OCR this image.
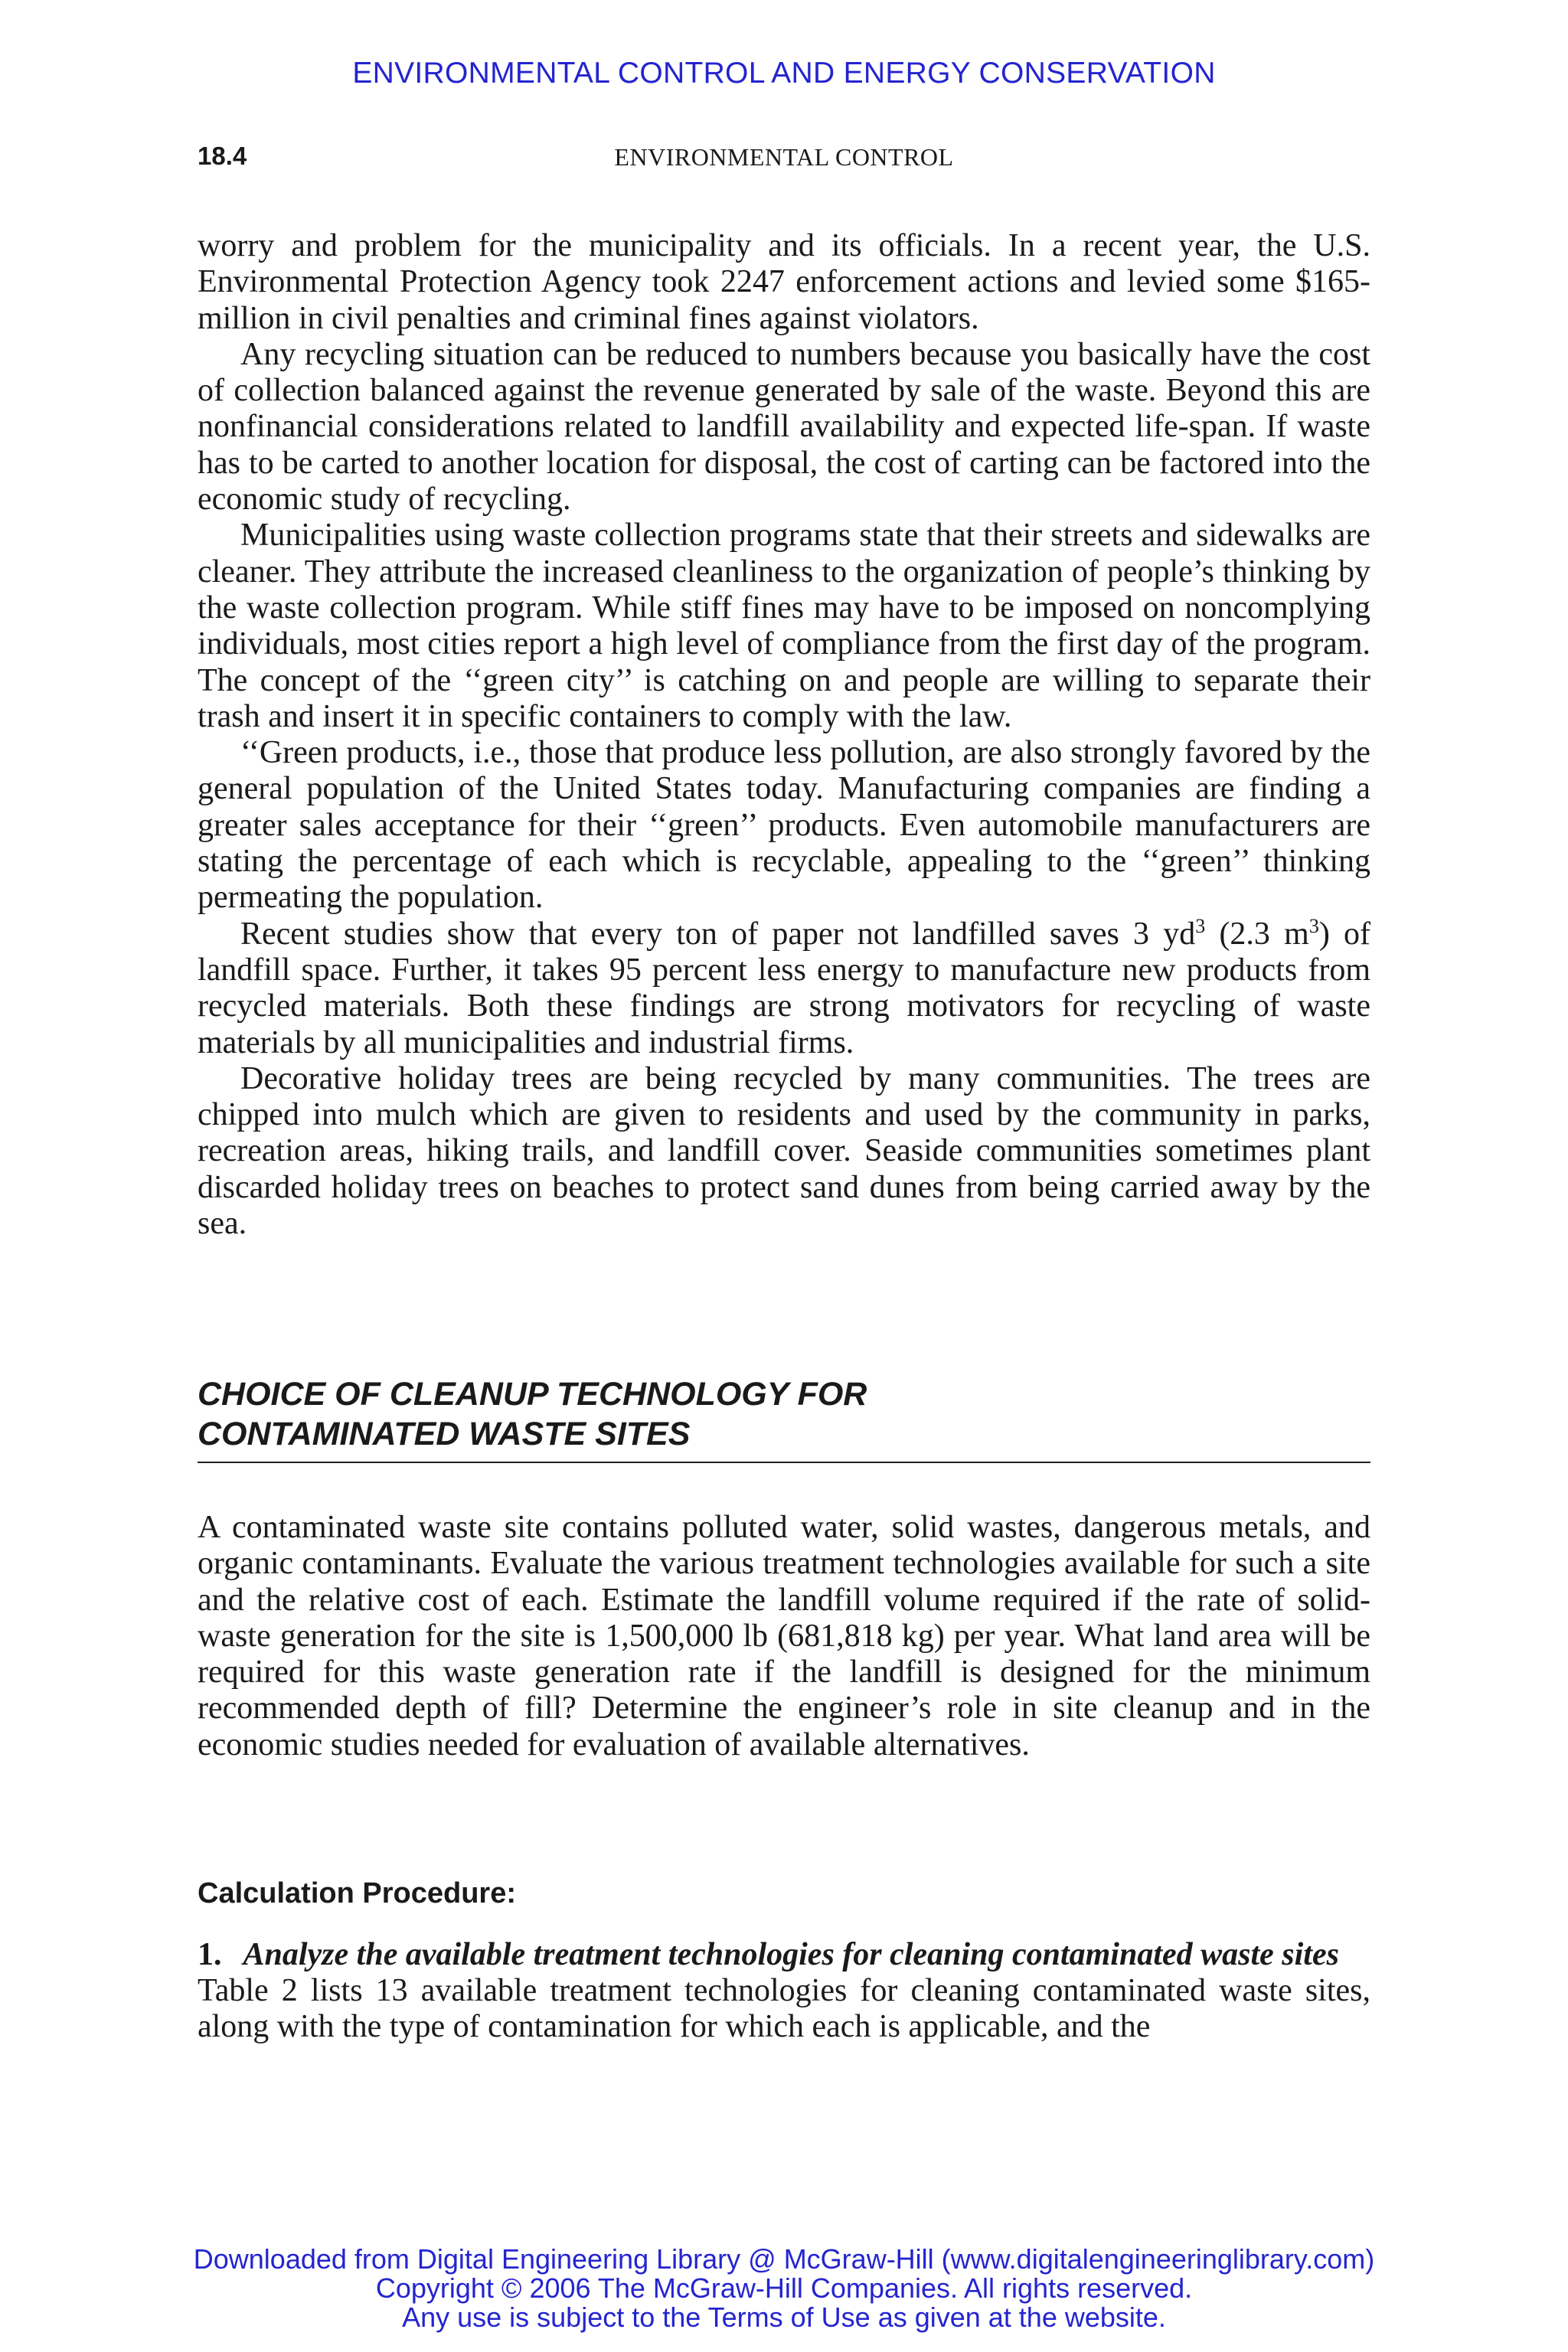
ENVIRONMENTAL CONTROL AND ENERGY CONSERVATION
18.4	ENVIRONMENTAL CONTROL

worry and problem for the municipality and its officials. In a recent year, the U.S. Environmental Protection Agency took 2247 enforcement actions and levied some $165-million in civil penalties and criminal fines against violators.

Any recycling situation can be reduced to numbers because you basically have the cost of collection balanced against the revenue generated by sale of the waste. Beyond this are nonfinancial considerations related to landfill availability and expected life-span. If waste has to be carted to another location for disposal, the cost of carting can be factored into the economic study of recycling.

Municipalities using waste collection programs state that their streets and sidewalks are cleaner. They attribute the increased cleanliness to the organization of people’s thinking by the waste collection program. While stiff fines may have to be imposed on noncomplying individuals, most cities report a high level of compliance from the first day of the program. The concept of the ‘‘green city’’ is catching on and people are willing to separate their trash and insert it in specific containers to comply with the law.

‘‘Green products, i.e., those that produce less pollution, are also strongly favored by the general population of the United States today. Manufacturing companies are finding a greater sales acceptance for their ‘‘green’’ products. Even automobile manufacturers are stating the percentage of each which is recyclable, appealing to the ‘‘green’’ thinking permeating the population.

Recent studies show that every ton of paper not landfilled saves 3 $yd^3$ (2.3 $m^3$) of landfill space. Further, it takes 95 percent less energy to manufacture new products from recycled materials. Both these findings are strong motivators for recycling of waste materials by all municipalities and industrial firms.

Decorative holiday trees are being recycled by many communities. The trees are chipped into mulch which are given to residents and used by the community in parks, recreation areas, hiking trails, and landfill cover. Seaside communities sometimes plant discarded holiday trees on beaches to protect sand dunes from being carried away by the sea.

CHOICE OF CLEANUP TECHNOLOGY FOR
CONTAMINATED WASTE SITES

A contaminated waste site contains polluted water, solid wastes, dangerous metals, and organic contaminants. Evaluate the various treatment technologies available for such a site and the relative cost of each. Estimate the landfill volume required if the rate of solid-waste generation for the site is 1,500,000 lb (681,818 kg) per year. What land area will be required for this waste generation rate if the landfill is designed for the minimum recommended depth of fill? Determine the engineer’s role in site cleanup and in the economic studies needed for evaluation of available alternatives.

Calculation Procedure:
1. Analyze the available treatment technologies for cleaning contaminated waste sites

Table 2 lists 13 available treatment technologies for cleaning contaminated waste sites, along with the type of contamination for which each is applicable, and the

Downloaded from Digital Engineering Library @ McGraw-Hill (www.digitalengineeringlibrary.com)
Copyright © 2006 The McGraw-Hill Companies. All rights reserved.
Any use is subject to the Terms of Use as given at the website.
